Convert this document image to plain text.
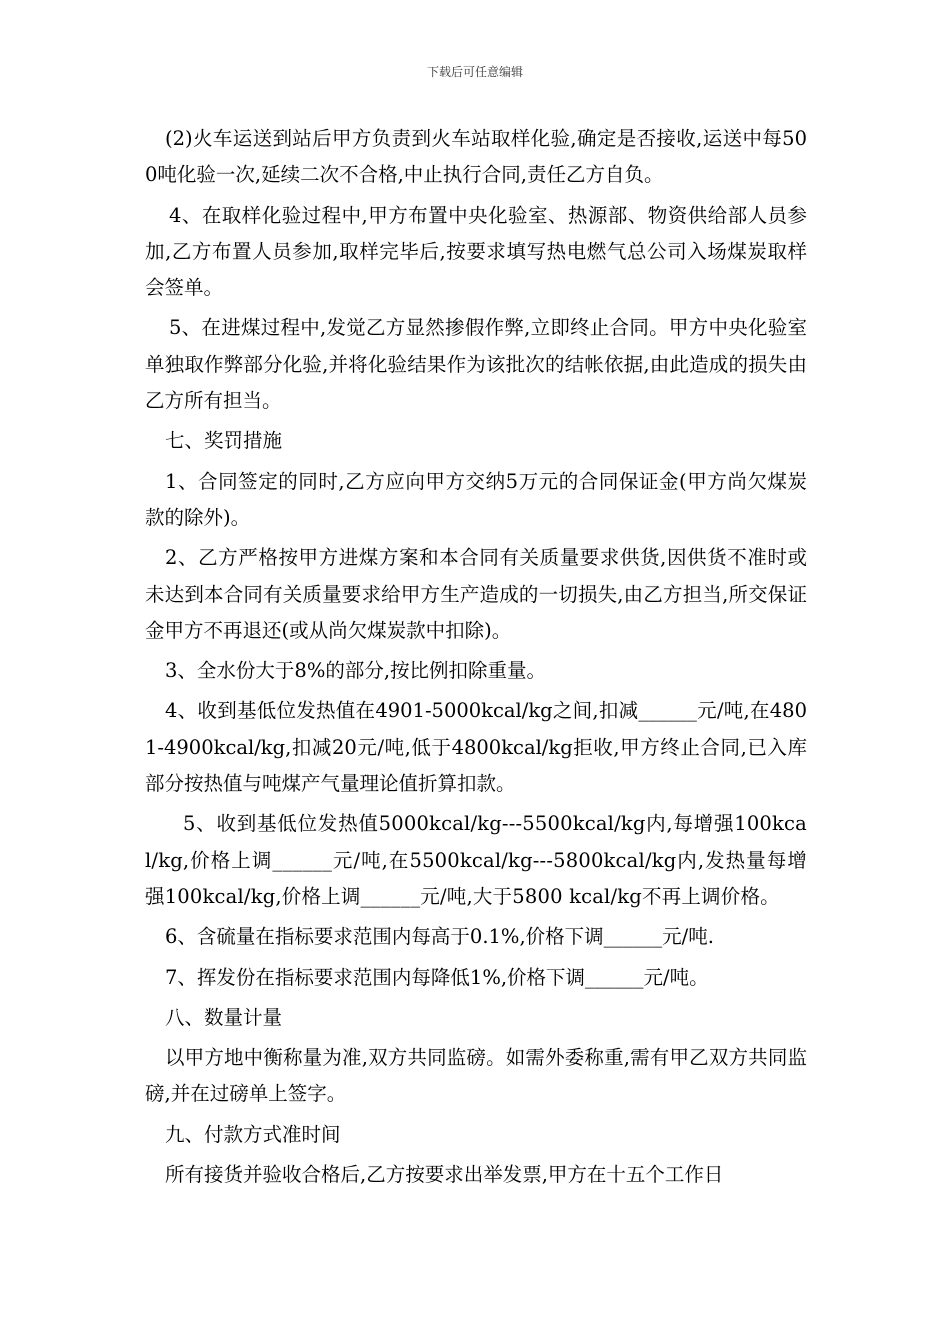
下载后可任意编辑

(2)火车运送到站后甲方负责到火车站取样化验,确定是否接收,运送中每500吨化验一次,延续二次不合格,中止执行合同,责任乙方自负。

4、在取样化验过程中,甲方布置中央化验室、热源部、物资供给部人员参加,乙方布置人员参加,取样完毕后,按要求填写热电燃气总公司入场煤炭取样会签单。

5、在进煤过程中,发觉乙方显然掺假作弊,立即终止合同。甲方中央化验室单独取作弊部分化验,并将化验结果作为该批次的结帐依据,由此造成的损失由乙方所有担当。

七、奖罚措施

1、合同签定的同时,乙方应向甲方交纳5万元的合同保证金(甲方尚欠煤炭款的除外)。

2、乙方严格按甲方进煤方案和本合同有关质量要求供货,因供货不准时或未达到本合同有关质量要求给甲方生产造成的一切损失,由乙方担当,所交保证金甲方不再退还(或从尚欠煤炭款中扣除)。

3、全水份大于8%的部分,按比例扣除重量。

4、收到基低位发热值在4901-5000kcal/kg之间,扣减______元/吨,在4801-4900kcal/kg,扣减20元/吨,低于4800kcal/kg拒收,甲方终止合同,已入库部分按热值与吨煤产气量理论值折算扣款。

5、收到基低位发热值5000kcal/kg---5500kcal/kg内,每增强100kcal/kg,价格上调______元/吨,在5500kcal/kg---5800kcal/kg内,发热量每增强100kcal/kg,价格上调______元/吨,大于5800 kcal/kg不再上调价格。

6、含硫量在指标要求范围内每高于0.1%,价格下调______元/吨.

7、挥发份在指标要求范围内每降低1%,价格下调______元/吨。

八、数量计量

以甲方地中衡称量为准,双方共同监磅。如需外委称重,需有甲乙双方共同监磅,并在过磅单上签字。

九、付款方式准时间

所有接货并验收合格后,乙方按要求出举发票,甲方在十五个工作日
